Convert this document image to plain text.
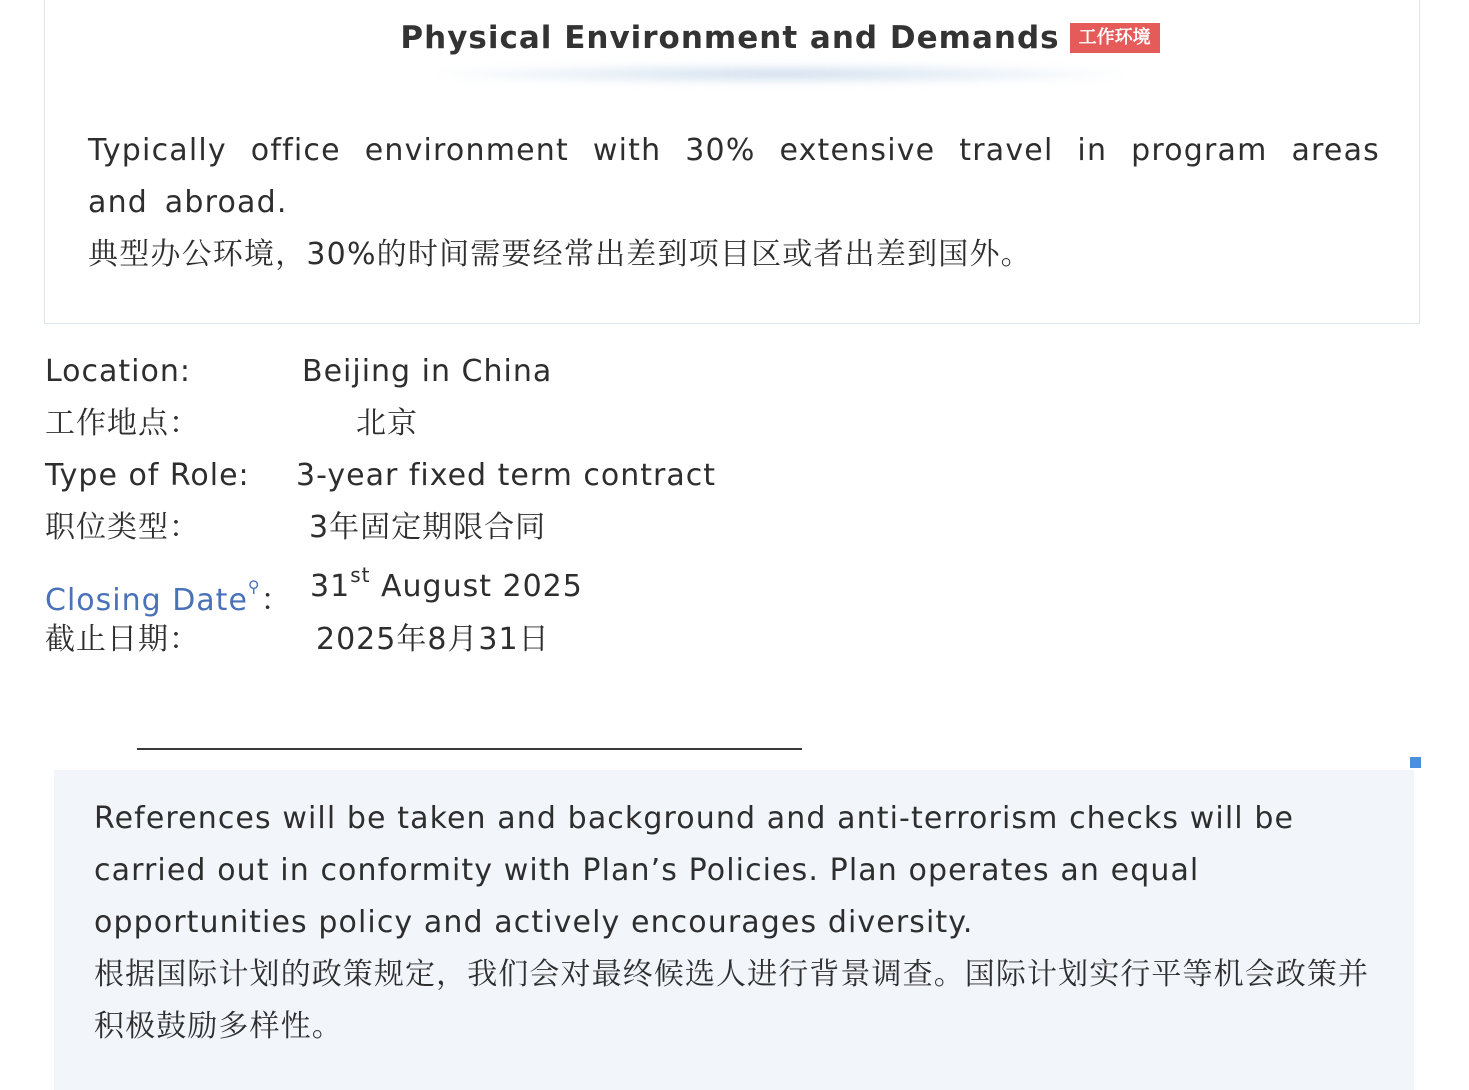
Physical Environment and Demands	工作环境
Typically office environment with 30% extensive travel in program areas and abroad.
典型办公环境，30%的时间需要经常出差到项目区或者出差到国外。
Location:	Beijing in China
工作地点：	北京
Type of Role: 3-year fixed term contract
职位类型：	3年固定期限合同
Closing Date⚲： 31st August 2025
截止日期：	2025年8月31日
References will be taken and background and anti-terrorism checks will be carried out in conformity with Plan’s Policies. Plan operates an equal opportunities policy and actively encourages diversity.
根据国际计划的政策规定，我们会对最终候选人进行背景调查。国际计划实行平等机会政策并积极鼓励多样性。
